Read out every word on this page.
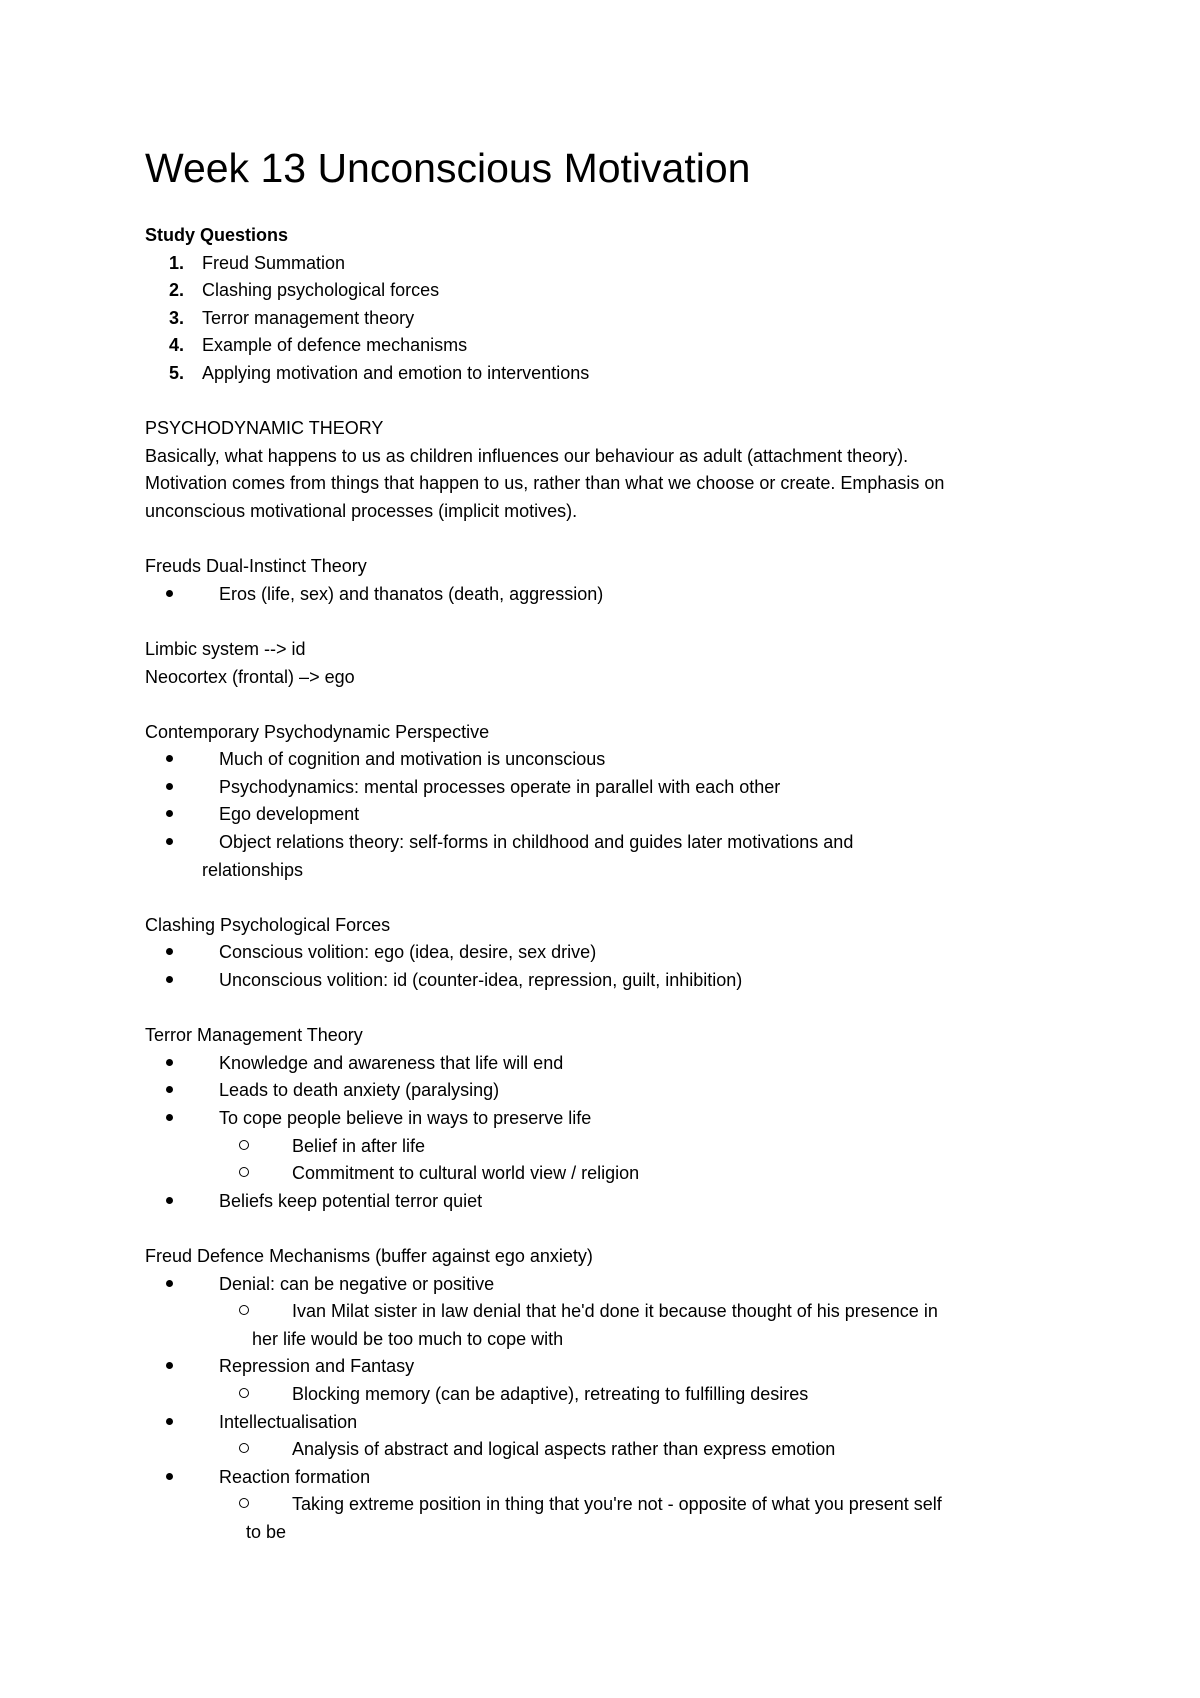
Week 13 Unconscious Motivation
Study Questions
1. Freud Summation
2. Clashing psychological forces
3. Terror management theory
4. Example of defence mechanisms
5. Applying motivation and emotion to interventions
PSYCHODYNAMIC THEORY
Basically, what happens to us as children influences our behaviour as adult (attachment theory).
Motivation comes from things that happen to us, rather than what we choose or create. Emphasis on
unconscious motivational processes (implicit motives).
Freuds Dual-Instinct Theory
Eros (life, sex) and thanatos (death, aggression)
Limbic system --> id
Neocortex (frontal) –> ego
Contemporary Psychodynamic Perspective
Much of cognition and motivation is unconscious
Psychodynamics: mental processes operate in parallel with each other
Ego development
Object relations theory: self-forms in childhood and guides later motivations and
relationships
Clashing Psychological Forces
Conscious volition: ego (idea, desire, sex drive)
Unconscious volition: id (counter-idea, repression, guilt, inhibition)
Terror Management Theory
Knowledge and awareness that life will end
Leads to death anxiety (paralysing)
To cope people believe in ways to preserve life
Belief in after life
Commitment to cultural world view / religion
Beliefs keep potential terror quiet
Freud Defence Mechanisms (buffer against ego anxiety)
Denial: can be negative or positive
Ivan Milat sister in law denial that he'd done it because thought of his presence in
her life would be too much to cope with
Repression and Fantasy
Blocking memory (can be adaptive), retreating to fulfilling desires
Intellectualisation
Analysis of abstract and logical aspects rather than express emotion
Reaction formation
Taking extreme position in thing that you're not - opposite of what you present self
to be
